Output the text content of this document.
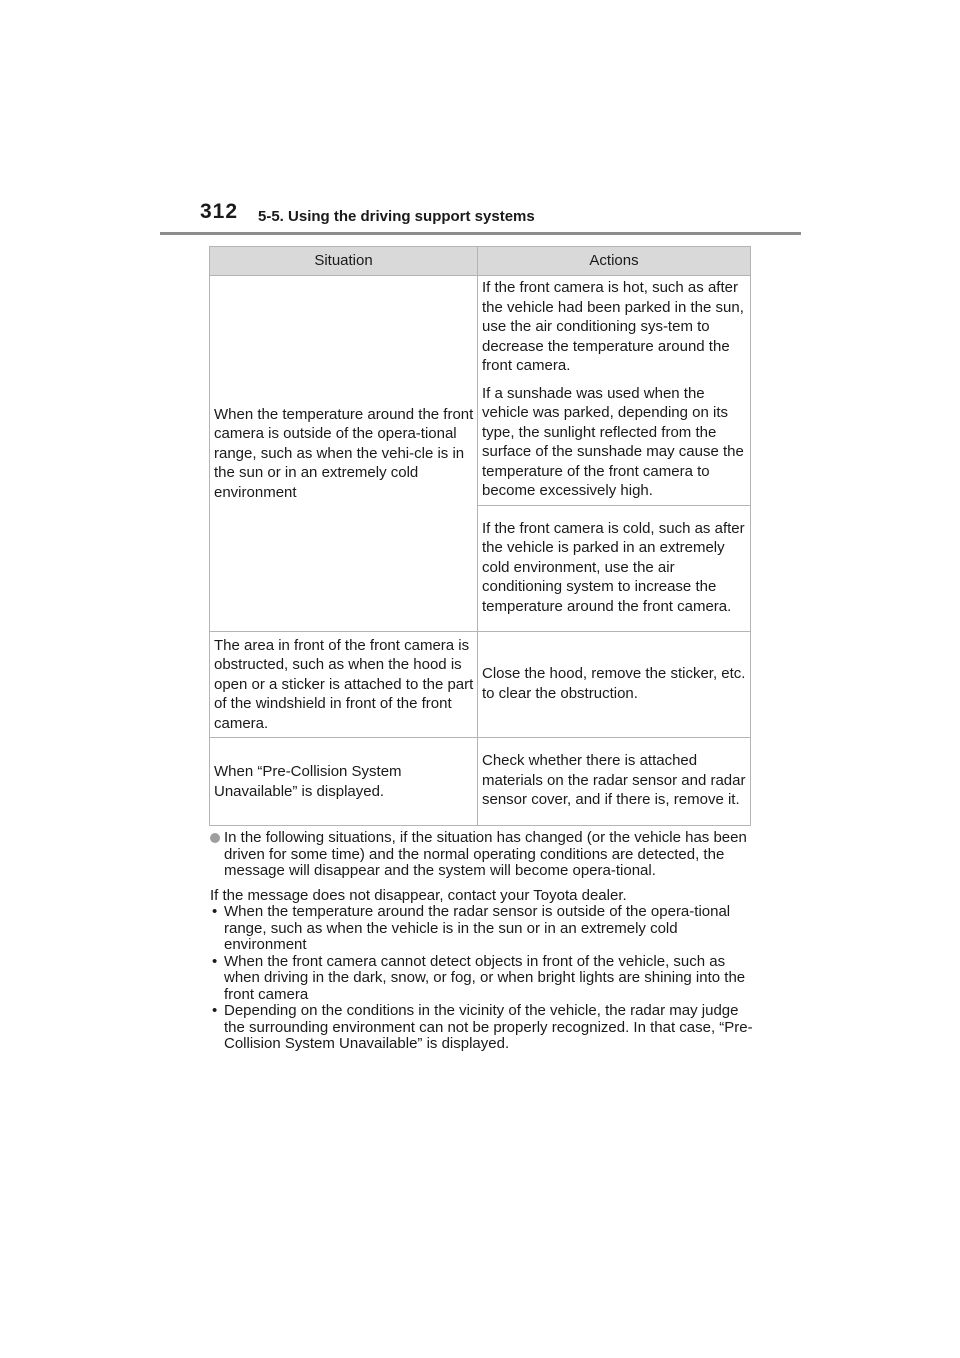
312 5-5. Using the driving support systems
Situation	Actions
When the temperature around the front camera is outside of the opera-tional range, such as when the vehi-cle is in the sun or in an extremely cold environment	If the front camera is hot, such as after the vehicle had been parked in the sun, use the air conditioning sys-tem to decrease the temperature around the front camera.

If a sunshade was used when the vehicle was parked, depending on its type, the sunlight reflected from the surface of the sunshade may cause the temperature of the front camera to become excessively high.

	If the front camera is cold, such as after the vehicle is parked in an extremely cold environment, use the air conditioning system to increase the temperature around the front camera.
The area in front of the front camera is obstructed, such as when the hood is open or a sticker is attached to the part of the windshield in front of the front camera.	Close the hood, remove the sticker, etc. to clear the obstruction.
When “Pre-Collision System Unavailable” is displayed.	Check whether there is attached materials on the radar sensor and radar sensor cover, and if there is, remove it.

In the following situations, if the situation has changed (or the vehicle has been driven for some time) and the normal operating conditions are detected, the message will disappear and the system will become opera-tional.

If the message does not disappear, contact your Toyota dealer.

• When the temperature around the radar sensor is outside of the opera-tional range, such as when the vehicle is in the sun or in an extremely cold environment
• When the front camera cannot detect objects in front of the vehicle, such as when driving in the dark, snow, or fog, or when bright lights are shining into the front camera
• Depending on the conditions in the vicinity of the vehicle, the radar may judge the surrounding environment can not be properly recognized. In that case, “Pre-Collision System Unavailable” is displayed.
